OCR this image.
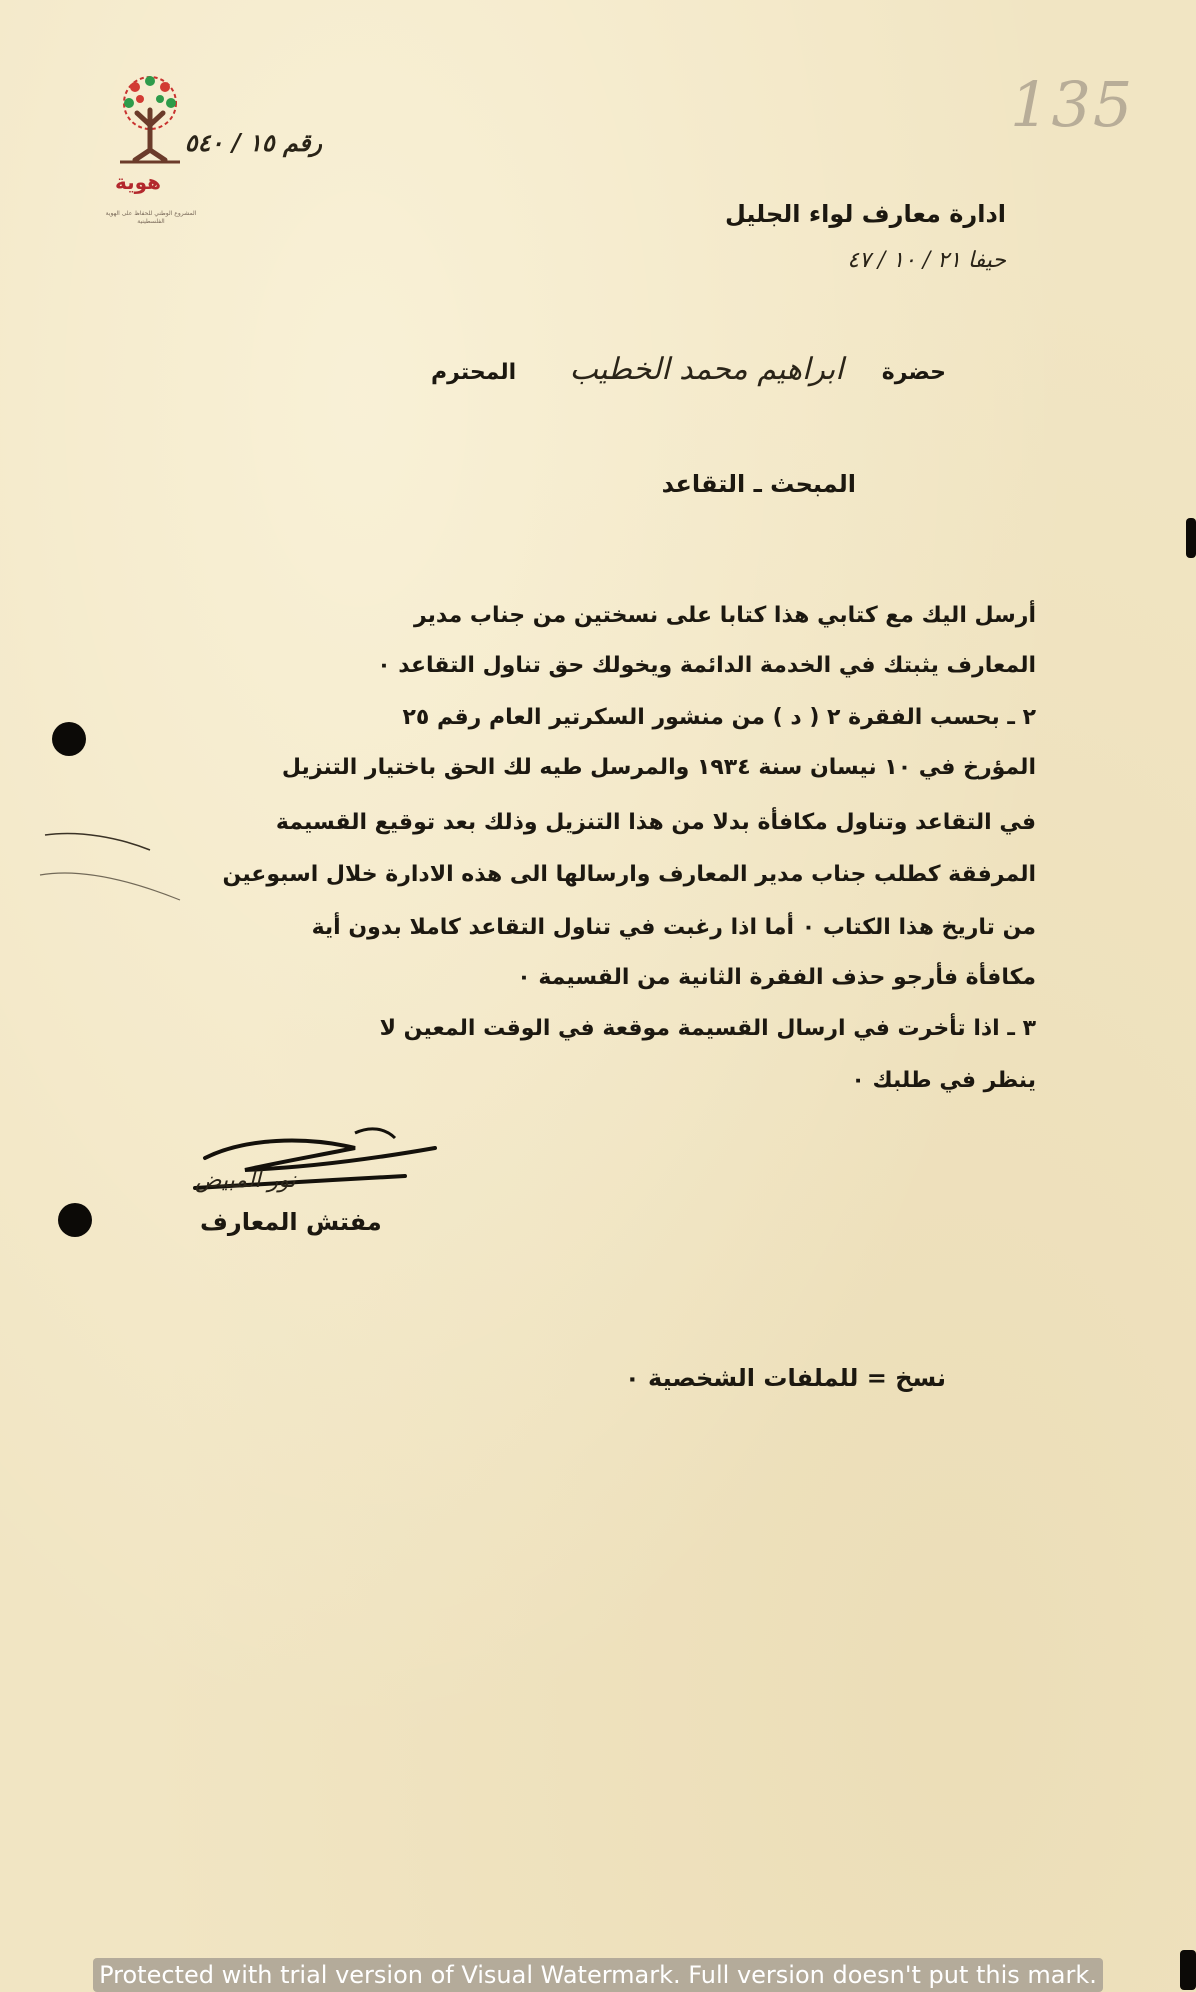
هوية
المشروع الوطني للحفاظ على الهوية الفلسطينية
135
رقم ١٥ / ٥٤٠
ادارة معارف لواء الجليل
حيفا ٢١ / ١٠ / ٤٧
حضرة     ابراهيم محمد الخطيب       المحترم
المبحث ـ التقاعد
أرسل اليك مع كتابي هذا كتابا على نسختين من جناب مدير
المعارف يثبتك في الخدمة الدائمة ويخولك حق تناول التقاعد ٠
٢ ـ بحسب الفقرة ٢ ( د ) من منشور السكرتير العام رقم ٢٥
المؤرخ في ١٠ نيسان سنة ١٩٣٤ والمرسل طيه لك الحق باختيار التنزيل
في التقاعد وتناول مكافأة بدلا من هذا التنزيل وذلك بعد توقيع القسيمة
المرفقة كطلب جناب مدير المعارف وارسالها الى هذه الادارة خلال اسبوعين
من تاريخ هذا الكتاب ٠ أما اذا رغبت في تناول التقاعد كاملا بدون أية
مكافأة فأرجو حذف الفقرة الثانية من القسيمة ٠
٣ ـ اذا تأخرت في ارسال القسيمة موقعة في الوقت المعين لا
ينظر في طلبك ٠
نور المبيض
مفتش المعارف
نسخ = للملفات الشخصية ٠
Protected with trial version of Visual Watermark. Full version doesn't put this mark.
